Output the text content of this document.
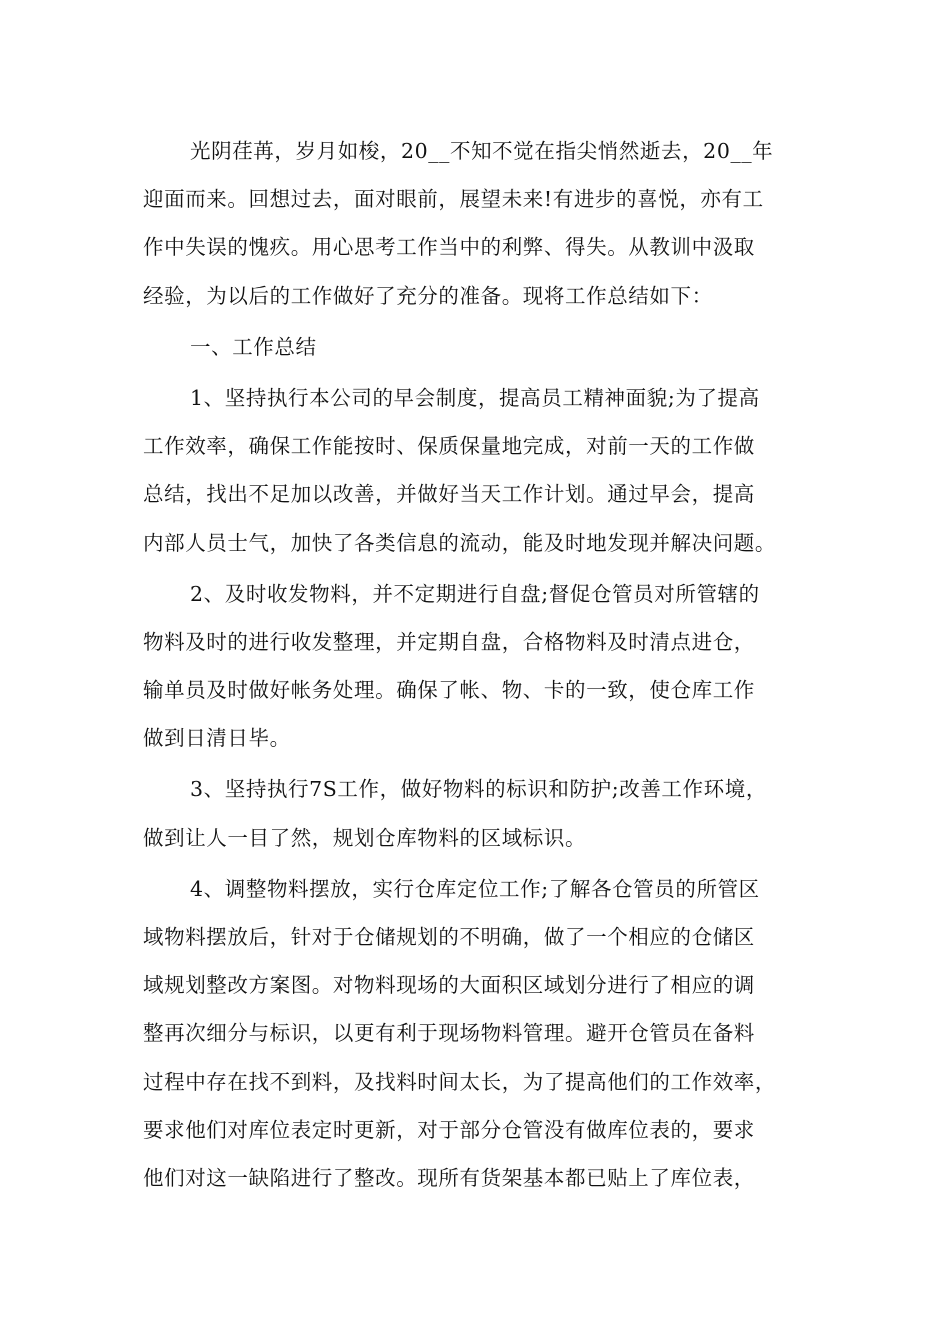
光阴荏苒，岁月如梭，20__不知不觉在指尖悄然逝去，20__年
迎面而来。回想过去，面对眼前，展望未来!有进步的喜悦，亦有工
作中失误的愧疚。用心思考工作当中的利弊、得失。从教训中汲取
经验，为以后的工作做好了充分的准备。现将工作总结如下：
一、工作总结
1、坚持执行本公司的早会制度，提高员工精神面貌;为了提高
工作效率，确保工作能按时、保质保量地完成，对前一天的工作做
总结，找出不足加以改善，并做好当天工作计划。通过早会，提高
内部人员士气，加快了各类信息的流动，能及时地发现并解决问题。
2、及时收发物料，并不定期进行自盘;督促仓管员对所管辖的
物料及时的进行收发整理，并定期自盘，合格物料及时清点进仓，
输单员及时做好帐务处理。确保了帐、物、卡的一致，使仓库工作
做到日清日毕。
3、坚持执行7S工作，做好物料的标识和防护;改善工作环境，
做到让人一目了然，规划仓库物料的区域标识。
4、调整物料摆放，实行仓库定位工作;了解各仓管员的所管区
域物料摆放后，针对于仓储规划的不明确，做了一个相应的仓储区
域规划整改方案图。对物料现场的大面积区域划分进行了相应的调
整再次细分与标识，以更有利于现场物料管理。避开仓管员在备料
过程中存在找不到料，及找料时间太长，为了提高他们的工作效率，
要求他们对库位表定时更新，对于部分仓管没有做库位表的，要求
他们对这一缺陷进行了整改。现所有货架基本都已贴上了库位表，
